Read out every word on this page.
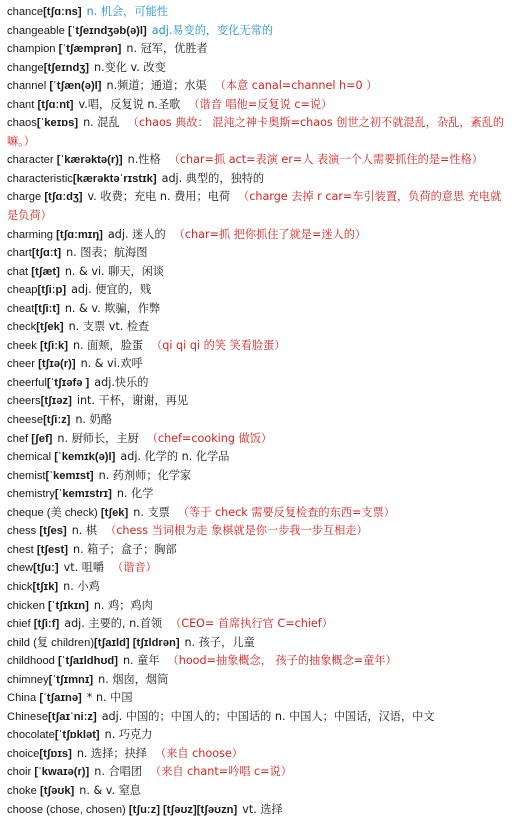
chance[tʃɑːns] n. 机会，可能性
changeable [ˈtʃeɪndʒəb(ə)l] adj.易变的，变化无常的
champion [ˈtʃæmprən] n. 冠军，优胜者
change[tʃeɪndʒ] n.变化 v. 改变
channel [ˈtʃæn(ə)l] n.频道；通道；水渠 （本意 canal=channel h=0 ）
chant [tʃɑːnt] v.唱，反复说 n.圣歌 （谐音 唱他=反复说 c=说）
chaos[ˈkeɪɒs] n. 混乱 （chaos 典故： 混沌之神卡奥斯=chaos 创世之初不就混乱，杂乱，紊乱的嘛。）
character [ˈkærəktə(r)] n.性格 （char=抓 act=表演 er=人 表演一个人需要抓住的是=性格）
characteristic[kærəktəˈrɪstɪk] adj. 典型的，独特的
charge [tʃɑːdʒ] v. 收费；充电 n. 费用；电荷 （charge 去掉 r car=车引装置，负荷的意思 充电就是负荷）
charming [tʃɑːmɪŋ] adj. 迷人的 （char=抓 把你抓住了就是=迷人的）
chart[tʃɑːt] n. 图表；航海图
chat [tʃæt] n. & vi. 聊天，闲谈
cheap[tʃiːp] adj. 便宜的，贱
cheat[tʃiːt] n. & v. 欺骗，作弊
check[tʃek] n. 支票 vt. 检查
cheek [tʃiːk] n. 面颊，脸蛋 （qi qi qi 的笑 笑看脸蛋）
cheer [tʃɪə(r)] n. & vi.欢呼
cheerful[ˈtʃɪəfə ] adj.快乐的
cheers[tʃɪəz] int. 干杯，谢谢，再见
cheese[tʃiːz] n. 奶酪
chef [ʃef] n. 厨师长，主厨 （chef=cooking 做饭）
chemical [ˈkemɪk(ə)l] adj. 化学的 n. 化学品
chemist[ˈkemɪst] n. 药剂师；化学家
chemistry[ˈkemɪstrɪ] n. 化学
cheque (美 check) [tʃek] n. 支票 （等于 check 需要反复检查的东西=支票）
chess [tʃes] n. 棋 （chess 当词根为走 象棋就是你一步我一步互相走）
chest [tʃest] n. 箱子；盒子；胸部
chew[tʃuː] vt. 咀嚼 （谐音）
chick[tʃɪk] n. 小鸡
chicken [ˈtʃɪkɪn] n. 鸡；鸡肉
chief [tʃiːf] adj. 主要的, n.首领 （CEO= 首席执行官 C=chief）
child (复 children)[tʃaɪld] [tʃɪldrən] n. 孩子，儿童
childhood [ˈtʃaɪldhʊd] n. 童年 （hood=抽象概念， 孩子的抽象概念=童年）
chimney[ˈtʃɪmnɪ] n. 烟囱，烟筒
China [ˈtʃaɪnə] * n. 中国
Chinese[tʃaɪˈniːz] adj. 中国的；中国人的；中国话的 n. 中国人；中国话，汉语，中文
chocolate[ˈtʃɒklət] n. 巧克力
choice[tʃɒɪs] n. 选择；抉择 （来自 choose）
choir [ˈkwaɪə(r)] n. 合唱团 （来自 chant=吟唱 c=说）
choke [tʃəʊk] n. & v. 窒息
choose (chose, chosen) [tʃuːz] [tʃəʊz][tʃəʊzn] vt. 选择
